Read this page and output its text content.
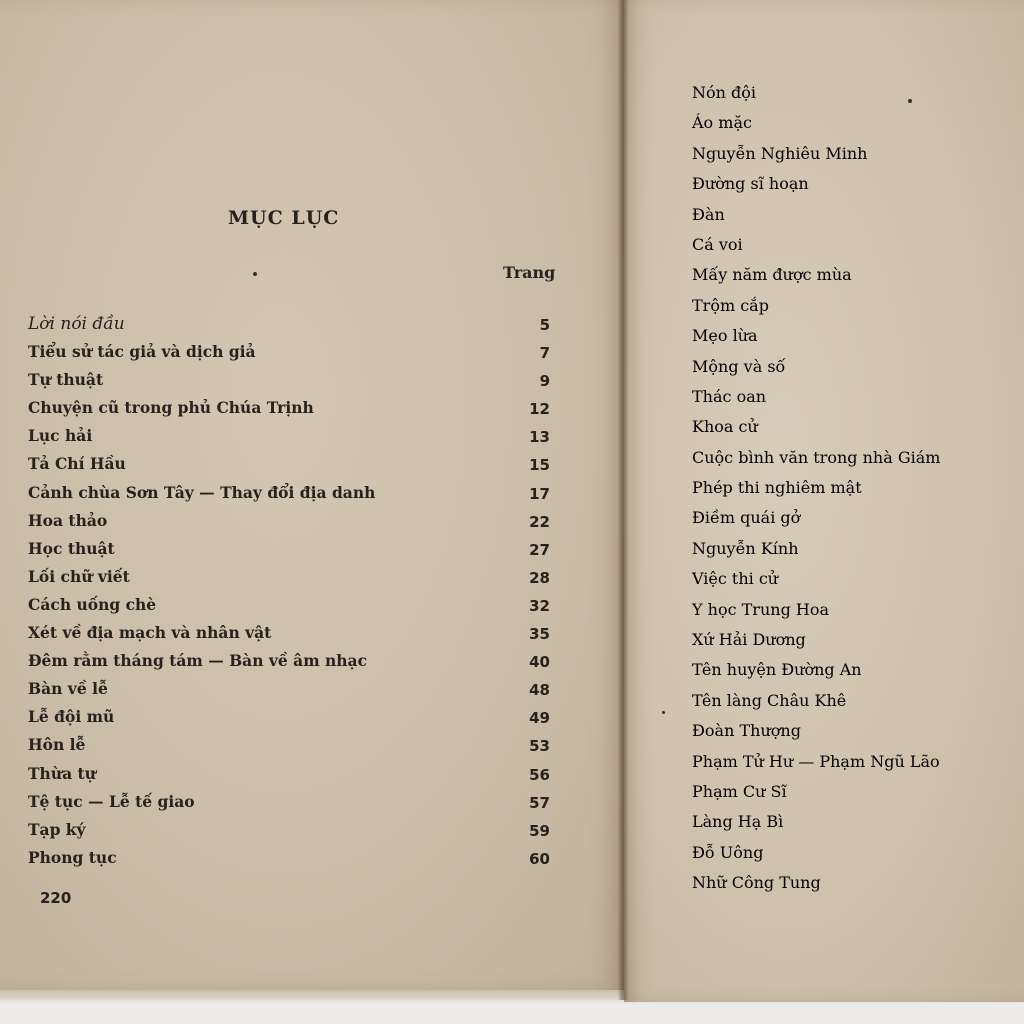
MỤC LỤC
Trang
Lời nói đầu	5
Tiểu sử tác giả và dịch giả	7
Tự thuật	9
Chuyện cũ trong phủ Chúa Trịnh	12
Lục hải	13
Tả Chí Hầu	15
Cảnh chùa Sơn Tây — Thay đổi địa danh	17
Hoa thảo	22
Học thuật	27
Lối chữ viết	28
Cách uống chè	32
Xét về địa mạch và nhân vật	35
Đêm rằm tháng tám — Bàn về âm nhạc	40
Bàn về lễ	48
Lễ đội mũ	49
Hôn lễ	53
Thừa tự	56
Tệ tục — Lễ tế giao	57
Tạp ký	59
Phong tục	60
220
Nón đội
Áo mặc
Nguyễn Nghiêu Minh
Đường sĩ hoạn
Đàn
Cá voi
Mấy năm được mùa
Trộm cắp
Mẹo lừa
Mộng và số
Thác oan
Khoa cử
Cuộc bình văn trong nhà Giám
Phép thi nghiêm mật
Điềm quái gở
Nguyễn Kính
Việc thi cử
Y học Trung Hoa
Xứ Hải Dương
Tên huyện Đường An
Tên làng Châu Khê
Đoàn Thượng
Phạm Tử Hư — Phạm Ngũ Lão
Phạm Cư Sĩ
Làng Hạ Bì
Đỗ Uông
Nhữ Công Tung
